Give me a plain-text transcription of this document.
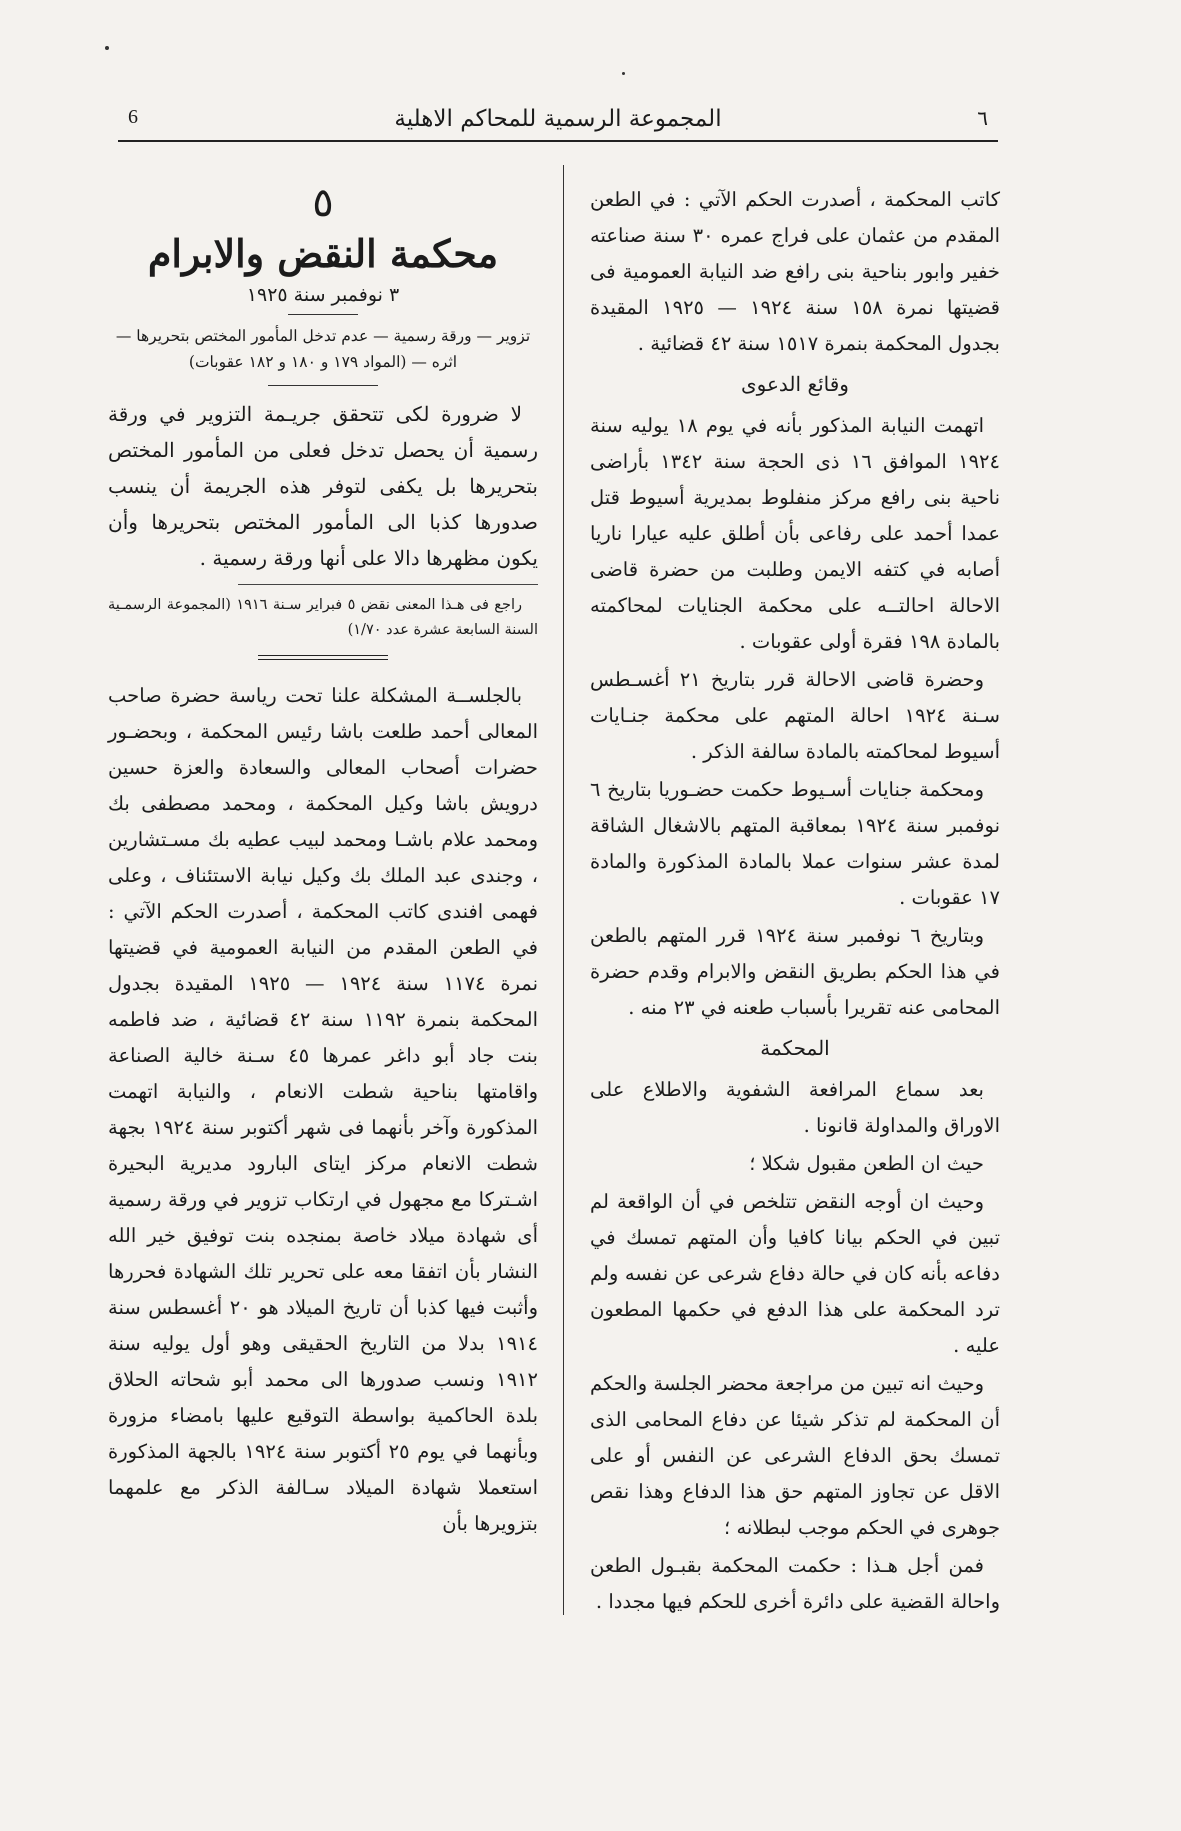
6	المجموعة الرسمية للمحاكم الاهلية	٦

كاتب المحكمة ، أصدرت الحكم الآتي : في الطعن المقدم من عثمان على فراج عمره ٣٠ سنة صناعته خفير وابور بناحية بنى رافع ضد النيابة العمومية فى قضيتها نمرة ١٥٨ سنة ١٩٢٤ — ١٩٢٥ المقيدة بجدول المحكمة بنمرة ١٥١٧ سنة ٤٢ قضائية .

وقائع الدعوى

اتهمت النيابة المذكور بأنه في يوم ١٨ يوليه سنة ١٩٢٤ الموافق ١٦ ذى الحجة سنة ١٣٤٢ بأراضى ناحية بنى رافع مركز منفلوط بمديرية أسيوط قتل عمدا أحمد على رفاعى بأن أطلق عليه عيارا ناريا أصابه في كتفه الايمن وطلبت من حضرة قاضى الاحالة احالتــه على محكمة الجنايات لمحاكمته بالمادة ١٩٨ فقرة أولى عقوبات .

وحضرة قاضى الاحالة قرر بتاريخ ٢١ أغسـطس سـنة ١٩٢٤ احالة المتهم على محكمة جنـايات أسيوط لمحاكمته بالمادة سالفة الذكر .

ومحكمة جنايات أسـيوط حكمت حضـوريا بتاريخ ٦ نوفمبر سنة ١٩٢٤ بمعاقبة المتهم بالاشغال الشاقة لمدة عشر سنوات عملا بالمادة المذكورة والمادة ١٧ عقوبات .

وبتاريخ ٦ نوفمبر سنة ١٩٢٤ قرر المتهم بالطعن في هذا الحكم بطريق النقض والابرام وقدم حضرة المحامى عنه تقريرا بأسباب طعنه في ٢٣ منه .

المحكمة

بعد سماع المرافعة الشفوية والاطلاع على الاوراق والمداولة قانونا .

حيث ان الطعن مقبول شكلا ؛

وحيث ان أوجه النقض تتلخص في أن الواقعة لم تبين في الحكم بيانا كافيا وأن المتهم تمسك في دفاعه بأنه كان في حالة دفاع شرعى عن نفسه ولم ترد المحكمة على هذا الدفع في حكمها المطعون عليه .

وحيث انه تبين من مراجعة محضر الجلسة والحكم أن المحكمة لم تذكر شيئا عن دفاع المحامى الذى تمسك بحق الدفاع الشرعى عن النفس أو على الاقل عن تجاوز المتهم حق هذا الدفاع وهذا نقص جوهرى في الحكم موجب لبطلانه ؛

فمن أجل هـذا : حكمت المحكمة بقبـول الطعن واحالة القضية على دائرة أخرى للحكم فيها مجددا .

٥
محكمة النقض والابرام
٣ نوفمبر سنة ١٩٢٥
تزوير — ورقة رسمية — عدم تدخل المأمور المختص بتحريرها —
اثره — (المواد ١٧٩ و ١٨٠ و ١٨٢ عقوبات)

لا ضرورة لكى تتحقق جريـمة التزوير في ورقة رسمية أن يحصل تدخل فعلى من المأمور المختص بتحريرها بل يكفى لتوفر هذه الجريمة أن ينسب صدورها كذبا الى المأمور المختص بتحريرها وأن يكون مظهرها دالا على أنها ورقة رسمية .

راجع فى هـذا المعنى نقض ٥ فبراير سـنة ١٩١٦ (المجموعة الرسمـية السنة السابعة عشرة عدد ١/٧٠)

بالجلســة المشكلة علنا تحت رياسة حضرة صاحب المعالى أحمد طلعت باشا رئيس المحكمة ، وبحضـور حضرات أصحاب المعالى والسعادة والعزة حسين درويش باشا وكيل المحكمة ، ومحمد مصطفى بك ومحمد علام باشـا ومحمد لبيب عطيه بك مسـتشارين ، وجندى عبد الملك بك وكيل نيابة الاستئناف ، وعلى فهمى افندى كاتب المحكمة ، أصدرت الحكم الآتي : في الطعن المقدم من النيابة العمومية في قضيتها نمرة ١١٧٤ سنة ١٩٢٤ — ١٩٢٥ المقيدة بجدول المحكمة بنمرة ١١٩٢ سنة ٤٢ قضائية ، ضد فاطمه بنت جاد أبو داغر عمرها ٤٥ سـنة خالية الصناعة واقامتها بناحية شطت الانعام ، والنيابة اتهمت المذكورة وآخر بأنهما فى شهر أكتوبر سنة ١٩٢٤ بجهة شطت الانعام مركز ايتاى البارود مديرية البحيرة اشـتركا مع مجهول في ارتكاب تزوير في ورقة رسمية أى شهادة ميلاد خاصة بمنجده بنت توفيق خير الله النشار بأن اتفقا معه على تحرير تلك الشهادة فحررها وأثبت فيها كذبا أن تاريخ الميلاد هو ٢٠ أغسطس سنة ١٩١٤ بدلا من التاريخ الحقيقى وهو أول يوليه سنة ١٩١٢ ونسب صدورها الى محمد أبو شحاته الحلاق بلدة الحاكمية بواسطة التوقيع عليها بامضاء مزورة وبأنهما في يوم ٢٥ أكتوبر سنة ١٩٢٤ بالجهة المذكورة استعملا شهادة الميلاد سـالفة الذكر مع علمهما بتزويرها بأن
